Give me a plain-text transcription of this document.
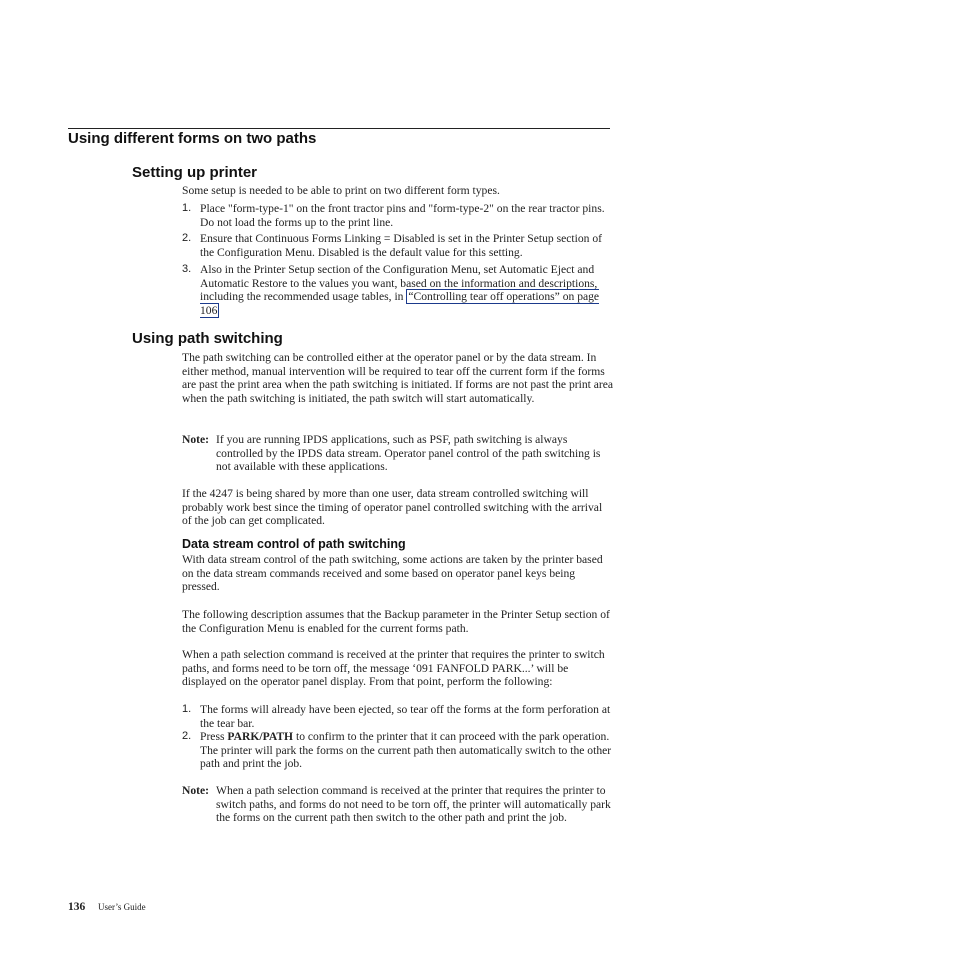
Using different forms on two paths
Setting up printer

Some setup is needed to be able to print on two different form types.

1. Place "form-type-1" on the front tractor pins and "form-type-2" on the rear tractor pins. Do not load the forms up to the print line.
2. Ensure that Continuous Forms Linking = Disabled is set in the Printer Setup section of the Configuration Menu. Disabled is the default value for this setting.
3. Also in the Printer Setup section of the Configuration Menu, set Automatic Eject and Automatic Restore to the values you want, based on the information and descriptions, including the recommended usage tables, in “Controlling tear off operations” on page 106
Using path switching

The path switching can be controlled either at the operator panel or by the data stream. In either method, manual intervention will be required to tear off the current form if the forms are past the print area when the path switching is initiated. If forms are not past the print area when the path switching is initiated, the path switch will start automatically.

Note: If you are running IPDS applications, such as PSF, path switching is always controlled by the IPDS data stream. Operator panel control of the path switching is not available with these applications.

If the 4247 is being shared by more than one user, data stream controlled switching will probably work best since the timing of operator panel controlled switching with the arrival of the job can get complicated.

Data stream control of path switching

With data stream control of the path switching, some actions are taken by the printer based on the data stream commands received and some based on operator panel keys being pressed.

The following description assumes that the Backup parameter in the Printer Setup section of the Configuration Menu is enabled for the current forms path.

When a path selection command is received at the printer that requires the printer to switch paths, and forms need to be torn off, the message ‘091 FANFOLD PARK...’ will be displayed on the operator panel display. From that point, perform the following:

1. The forms will already have been ejected, so tear off the forms at the form perforation at the tear bar.
2. Press PARK/PATH to confirm to the printer that it can proceed with the park operation. The printer will park the forms on the current path then automatically switch to the other path and print the job.
Note: When a path selection command is received at the printer that requires the printer to switch paths, and forms do not need to be torn off, the printer will automatically park the forms on the current path then switch to the other path and print the job.
136 User’s Guide
